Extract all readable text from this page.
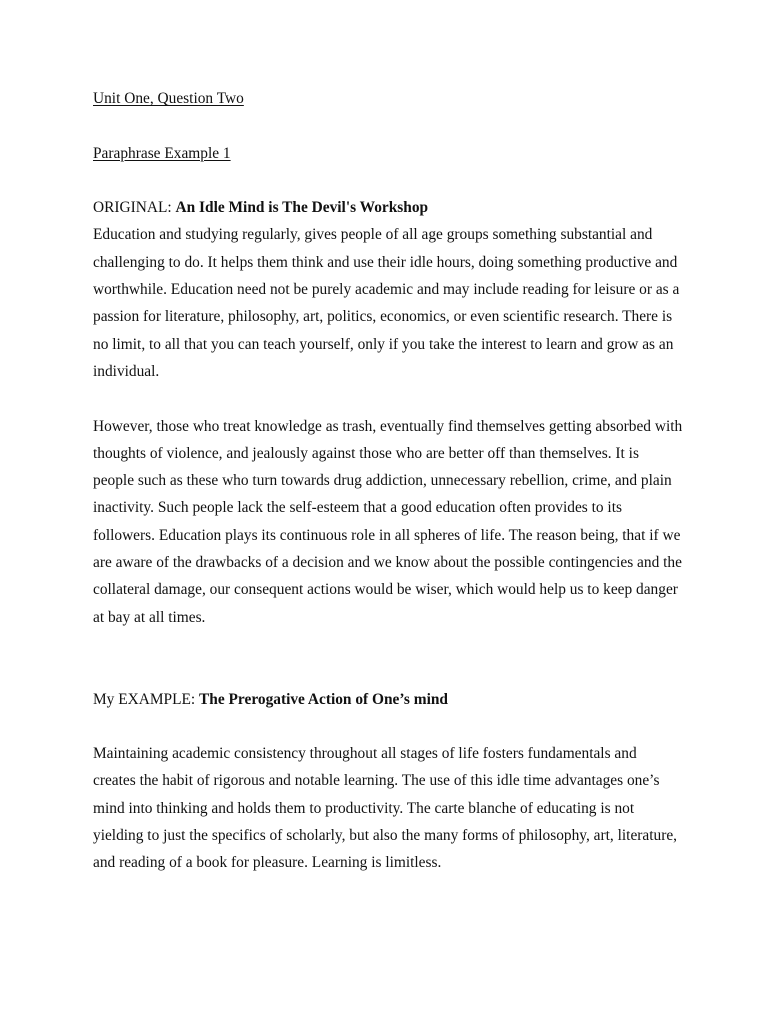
Unit One, Question Two

Paraphrase Example 1

ORIGINAL: An Idle Mind is The Devil's Workshop

Education and studying regularly, gives people of all age groups something substantial and challenging to do. It helps them think and use their idle hours, doing something productive and worthwhile. Education need not be purely academic and may include reading for leisure or as a passion for literature, philosophy, art, politics, economics, or even scientific research. There is no limit, to all that you can teach yourself, only if you take the interest to learn and grow as an individual.

However, those who treat knowledge as trash, eventually find themselves getting absorbed with thoughts of violence, and jealously against those who are better off than themselves. It is people such as these who turn towards drug addiction, unnecessary rebellion, crime, and plain inactivity. Such people lack the self-esteem that a good education often provides to its followers. Education plays its continuous role in all spheres of life. The reason being, that if we are aware of the drawbacks of a decision and we know about the possible contingencies and the collateral damage, our consequent actions would be wiser, which would help us to keep danger at bay at all times.

My EXAMPLE: The Prerogative Action of One’s mind

Maintaining academic consistency throughout all stages of life fosters fundamentals and creates the habit of rigorous and notable learning. The use of this idle time advantages one’s mind into thinking and holds them to productivity. The carte blanche of educating is not yielding to just the specifics of scholarly, but also the many forms of philosophy, art, literature, and reading of a book for pleasure. Learning is limitless.
